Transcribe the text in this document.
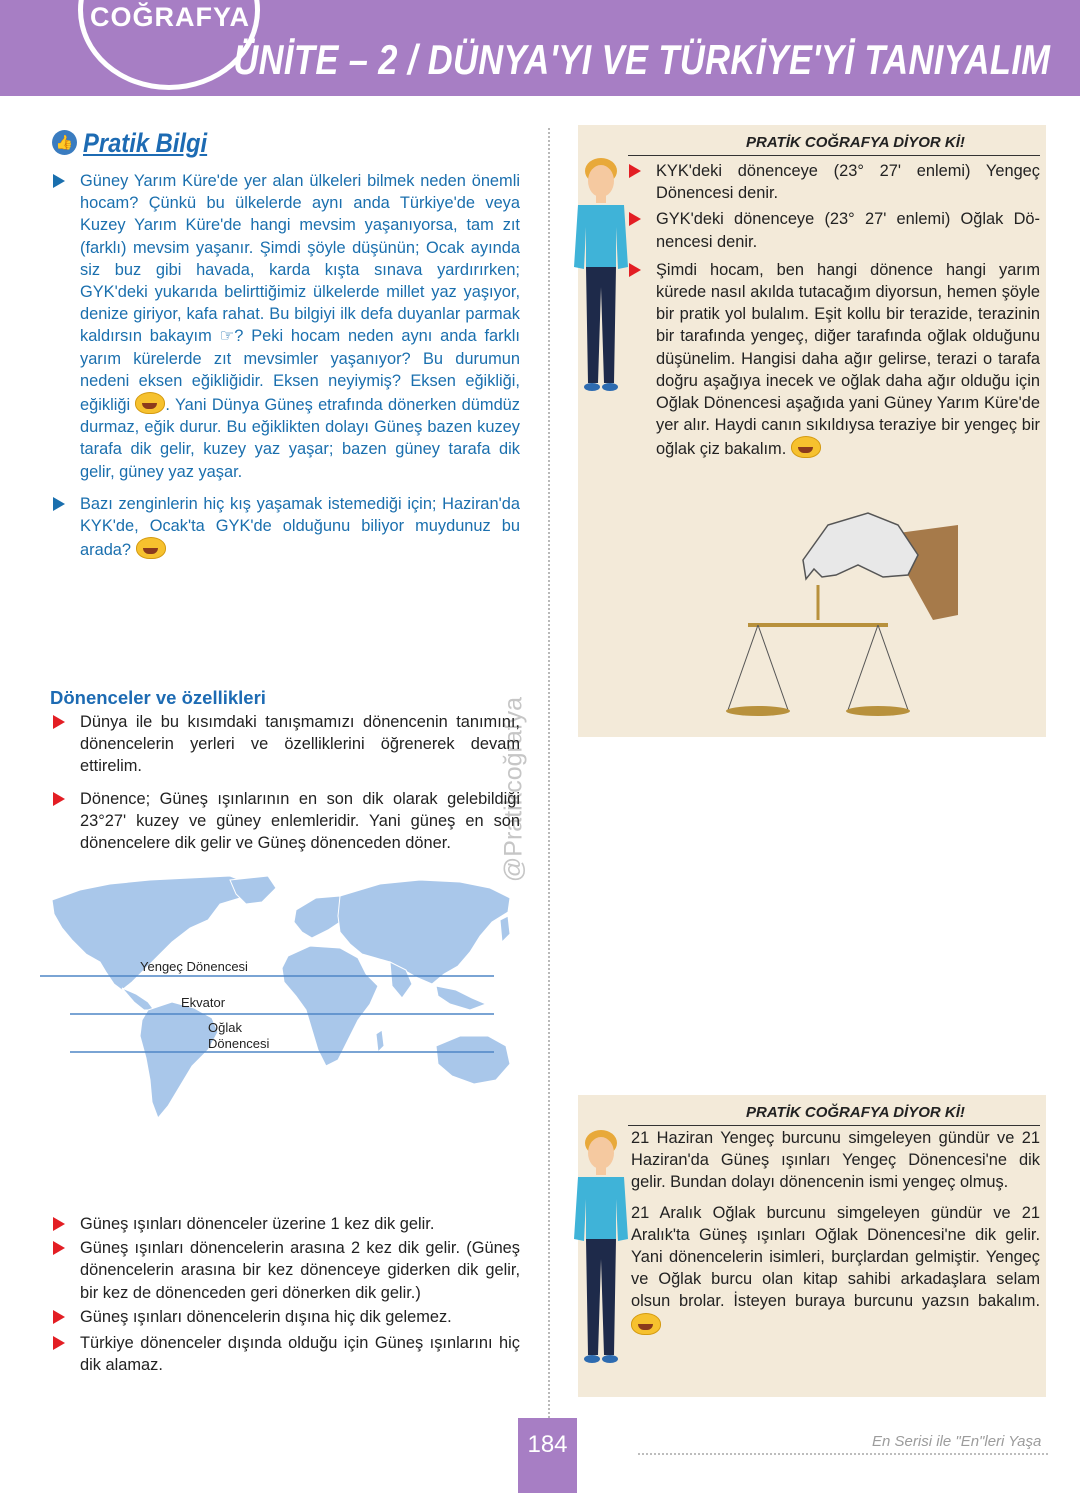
COĞRAFYA
ÜNİTE – 2 / DÜNYA'YI VE TÜRKİYE'Yİ TANIYALIM
@Pratikcoğrafya
👍 Pratik Bilgi
Güney Yarım Küre'de yer alan ülkeleri bilmek neden önemli hocam? Çünkü bu ülkelerde aynı anda Türkiye'de veya Kuzey Yarım Küre'de hangi mevsim yaşanıyorsa, tam zıt (farklı) mevsim yaşanır. Şimdi şöyle düşünün; Ocak ayında siz buz gibi havada, karda kışta sınava yardırırken; GYK'deki yukarıda belirttiğimiz ülkelerde millet yaz yaşıyor, denize giriyor, kafa rahat. Bu bilgiyi ilk defa duyanlar parmak kaldırsın bakayım ☞? Peki hocam neden aynı anda farklı yarım kürelerde zıt mevsimler yaşanıyor? Bu durumun nedeni eksen eğikliğidir. Eksen neyiymiş? Eksen eğikliği, eğikliği . Yani Dünya Güneş etrafında dönerken dümdüz durmaz, eğik durur. Bu eğiklikten dolayı Güneş bazen kuzey tarafa dik gelir, kuzey yaz yaşar; bazen güney tarafa dik gelir, güney yaz yaşar.
Bazı zenginlerin hiç kış yaşamak istemediği için; Haziran'da KYK'de, Ocak'ta GYK'de olduğunu biliyor muydunuz bu arada?
Dönenceler ve özellikleri
Dünya ile bu kısımdaki tanışmamızı dönencenin tanımını, dönencelerin yerleri ve özelliklerini öğrenerek devam ettirelim.
Dönence; Güneş ışınlarının en son dik olarak gelebildiği 23°27' kuzey ve güney enlemleridir. Yani güneş en son dönencelere dik gelir ve Güneş dönenceden döner.
Yengeç Dönencesi
Ekvator
Oğlak
Dönencesi
Güneş ışınları dönenceler üzerine 1 kez dik gelir.
Güneş ışınları dönencelerin arasına 2 kez dik gelir. (Güneş dönencelerin arasına bir kez dönenceye giderken dik gelir, bir kez de dönenceden geri dönerken dik gelir.)
Güneş ışınları dönencelerin dışına hiç dik gelemez.
Türkiye dönenceler dışında olduğu için Güneş ışınlarını hiç dik alamaz.
PRATİK COĞRAFYA DİYOR Kİ!
KYK'deki dönenceye (23° 27' enlemi) Yengeç Dönencesi denir.
GYK'deki dönenceye (23° 27' enlemi) Oğlak Dönencesi denir.
Şimdi hocam, ben hangi dönence hangi yarım kürede nasıl akılda tutacağım diyorsun, hemen şöyle bir pratik yol bulalım. Eşit kollu bir terazide, terazinin bir tarafında yengeç, diğer tarafında oğlak olduğunu düşünelim. Hangisi daha ağır gelirse, terazi o tarafa doğru aşağıya inecek ve oğlak daha ağır olduğu için Oğlak Dönencesi aşağıda yani Güney Yarım Küre'de yer alır. Haydi canın sıkıldıysa teraziye bir yengeç bir oğlak çiz bakalım.
PRATİK COĞRAFYA DİYOR Kİ!

21 Haziran Yengeç burcunu simgeleyen gündür ve 21 Haziran'da Güneş ışınları Yengeç Dönencesi'ne dik gelir. Bundan dolayı dönencenin ismi yengeç olmuş.

21 Aralık Oğlak burcunu simgeleyen gündür ve 21 Aralık'ta Güneş ışınları Oğlak Dönencesi'ne dik gelir. Yani dönencelerin isimleri, burçlardan gelmiştir. Yengeç ve Oğlak burcu olan kitap sahibi arkadaşlara selam olsun brolar. İsteyen buraya burcunu yazsın bakalım.

184	En Serisi ile "En"leri Yaşa
